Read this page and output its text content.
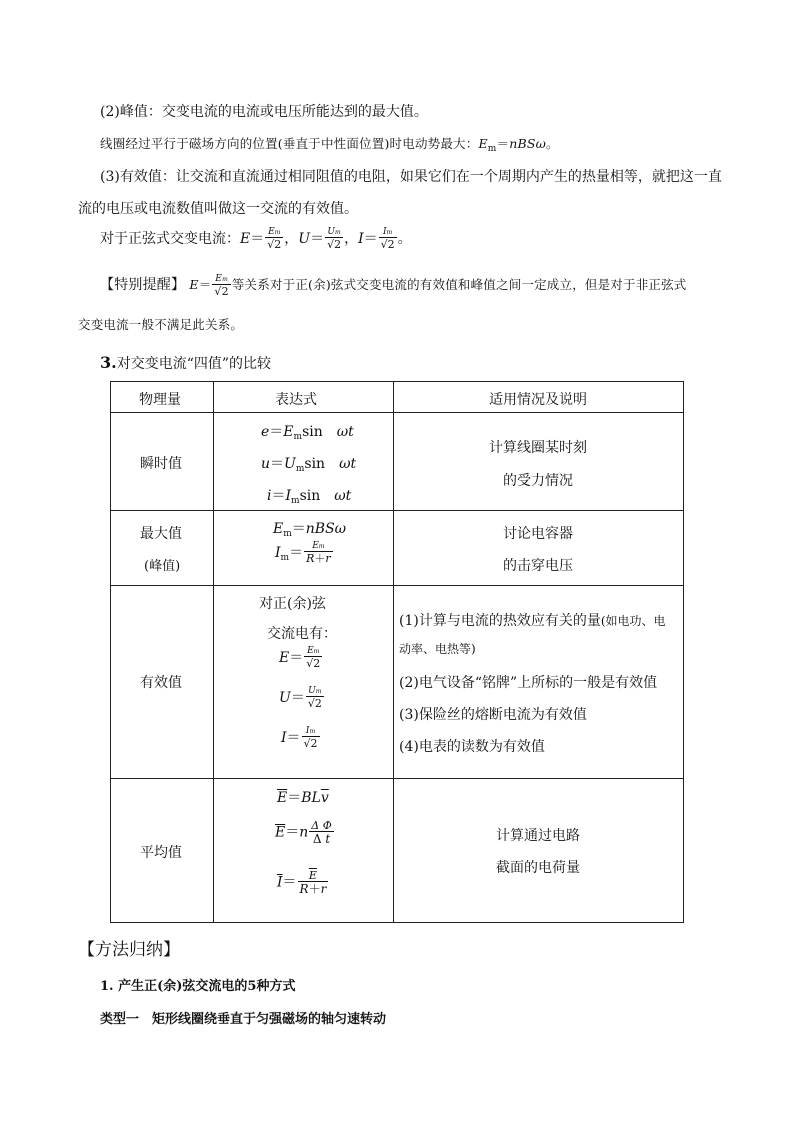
(2)峰值：交变电流的电流或电压所能达到的最大值。
线圈经过平行于磁场方向的位置(垂直于中性面位置)时电动势最大：$E_m=nBS\omega$。
(3)有效值：让交流和直流通过相同阻值的电阻，如果它们在一个周期内产生的热量相等，就把这一直
流的电压或电流数值叫做这一交流的有效值。
对于正弦式交变电流：$E= \frac{Em}{√2}$ ，$U= \frac{Um}{√2}$ ，$I= \frac{Im}{√2}$ 。
【特别提醒】 $E= \frac{Em}{√2}$ 等关系对于正(余)弦式交变电流的有效值和峰值之间一定成立，但是对于非正弦式
交变电流一般不满足此关系。
3.对交变电流“四值”的比较
物理量	表达式	适用情况及说明
瞬时值
$e=E_m\sin$　ωt
$u=U_m\sin$　ωt
$i=I_m\sin$　ωt
计算线圈某时刻
的受力情况
最大值
(峰值)
$E_m=nBS\omega$
$I_m= \frac{Em}{R+r}$
讨论电容器
的击穿电压
有效值
对正(余)弦
交流电有：
$E= \frac{Em}{√2}$
$U= \frac{Um}{√2}$
$I= \frac{Im}{√2}$
(1)计算与电流的热效应有关的量(如电功、电
动率、电热等)
(2)电气设备“铭牌”上所标的一般是有效值
(3)保险丝的熔断电流为有效值
(4)电表的读数为有效值
平均值
$\overline{E}=BL\overline{v}$
$\overline{E}=n \frac{\text{Δ Φ}}{\text{Δ t}}$
$\overline{I}= \frac{\overline{E}}{R+r}$
计算通过电路
截面的电荷量
【方法归纳】
1. 产生正(余)弦交流电的5种方式
类型一　矩形线圈绕垂直于匀强磁场的轴匀速转动
